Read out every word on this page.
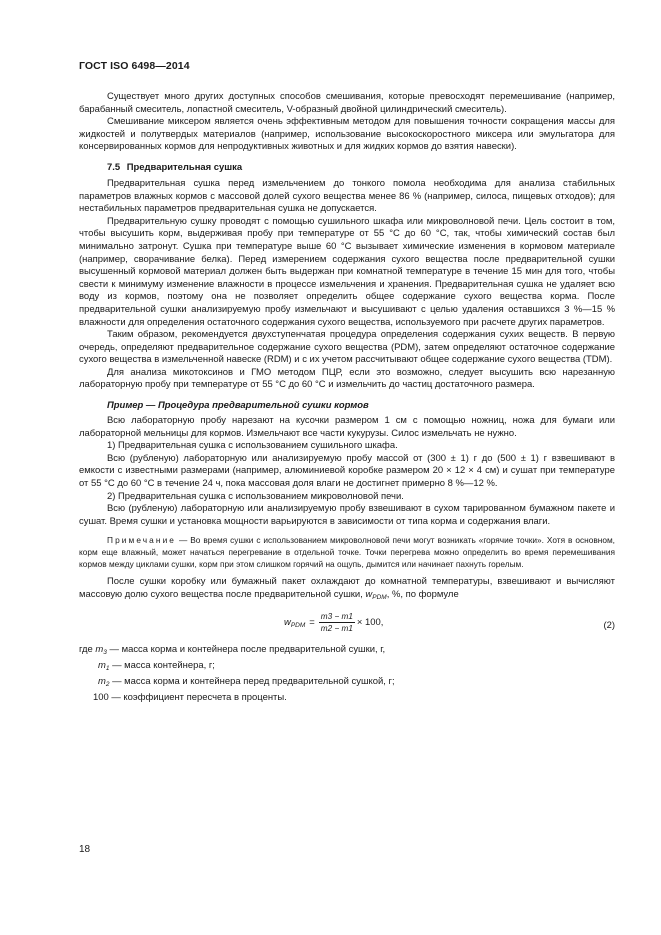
ГОСТ ISO 6498—2014

Существует много других доступных способов смешивания, которые превосходят перемешивание (например, барабанный смеситель, лопастной смеситель, V-образный двойной цилиндрический смеситель).

Смешивание миксером является очень эффективным методом для повышения точности сокращения массы для жидкостей и полутвердых материалов (например, использование высокоскоростного миксера или эмульгатора для консервированных кормов для непродуктивных животных и для жидких кормов до взятия навески).

7.5 Предварительная сушка

Предварительная сушка перед измельчением до тонкого помола необходима для анализа стабильных параметров влажных кормов с массовой долей сухого вещества менее 86 % (например, силоса, пищевых отходов); для нестабильных параметров предварительная сушка не допускается.

Предварительную сушку проводят с помощью сушильного шкафа или микроволновой печи. Цель состоит в том, чтобы высушить корм, выдерживая пробу при температуре от 55 °С до 60 °С, так, чтобы химический состав был минимально затронут. Сушка при температуре выше 60 °С вызывает химические изменения в кормовом материале (например, сворачивание белка). Перед измерением содержания сухого вещества после предварительной сушки высушенный кормовой материал должен быть выдержан при комнатной температуре в течение 15 мин для того, чтобы свести к минимуму изменение влажности в процессе измельчения и хранения. Предварительная сушка не удаляет всю воду из кормов, поэтому она не позволяет определить общее содержание сухого вещества корма. После предварительной сушки анализируемую пробу измельчают и высушивают с целью удаления оставшихся 3 %—15 % влажности для определения остаточного содержания сухого вещества, используемого при расчете других параметров.

Таким образом, рекомендуется двухступенчатая процедура определения содержания сухих веществ. В первую очередь, определяют предварительное содержание сухого вещества (PDM), затем определяют остаточное содержание сухого вещества в измельченной навеске (RDM) и с их учетом рассчитывают общее содержание сухого вещества (TDM).

Для анализа микотоксинов и ГМО методом ПЦР, если это возможно, следует высушить всю нарезанную лабораторную пробу при температуре от 55 °С до 60 °С и измельчить до частиц достаточного размера.

Пример — Процедура предварительной сушки кормов

Всю лабораторную пробу нарезают на кусочки размером 1 см с помощью ножниц, ножа для бумаги или лабораторной мельницы для кормов. Измельчают все части кукурузы. Силос измельчать не нужно.

1) Предварительная сушка с использованием сушильного шкафа.

Всю (рубленую) лабораторную или анализируемую пробу массой от (300 ± 1) г до (500 ± 1) г взвешивают в емкости с известными размерами (например, алюминиевой коробке размером 20 × 12 × 4 см) и сушат при температуре от 55 °С до 60 °С в течение 24 ч, пока массовая доля влаги не достигнет примерно 8 %—12 %.

2) Предварительная сушка с использованием микроволновой печи.

Всю (рубленую) лабораторную или анализируемую пробу взвешивают в сухом тарированном бумажном пакете и сушат. Время сушки и установка мощности варьируются в зависимости от типа корма и содержания влаги.

Примечание — Во время сушки с использованием микроволновой печи могут возникать «горячие точки». Хотя в основном, корм еще влажный, может начаться перегревание в отдельной точке. Точки перегрева можно определить во время перемешивания кормов между циклами сушки, корм при этом слишком горячий на ощупь, дымится или начинает пахнуть горелым.

После сушки коробку или бумажный пакет охлаждают до комнатной температуры, взвешивают и вычисляют массовую долю сухого вещества после предварительной сушки, $w_{PDM}$, %, по формуле

$w_{PDM} = \frac{m3 - m1}{m2 - m1} \times 100$,	(2)
где $m_3$ — масса корма и контейнера после предварительной сушки, г,
$m_1$ — масса контейнера, г;
$m_2$ — масса корма и контейнера перед предварительной сушкой, г;
100 — коэффициент пересчета в проценты.
18
